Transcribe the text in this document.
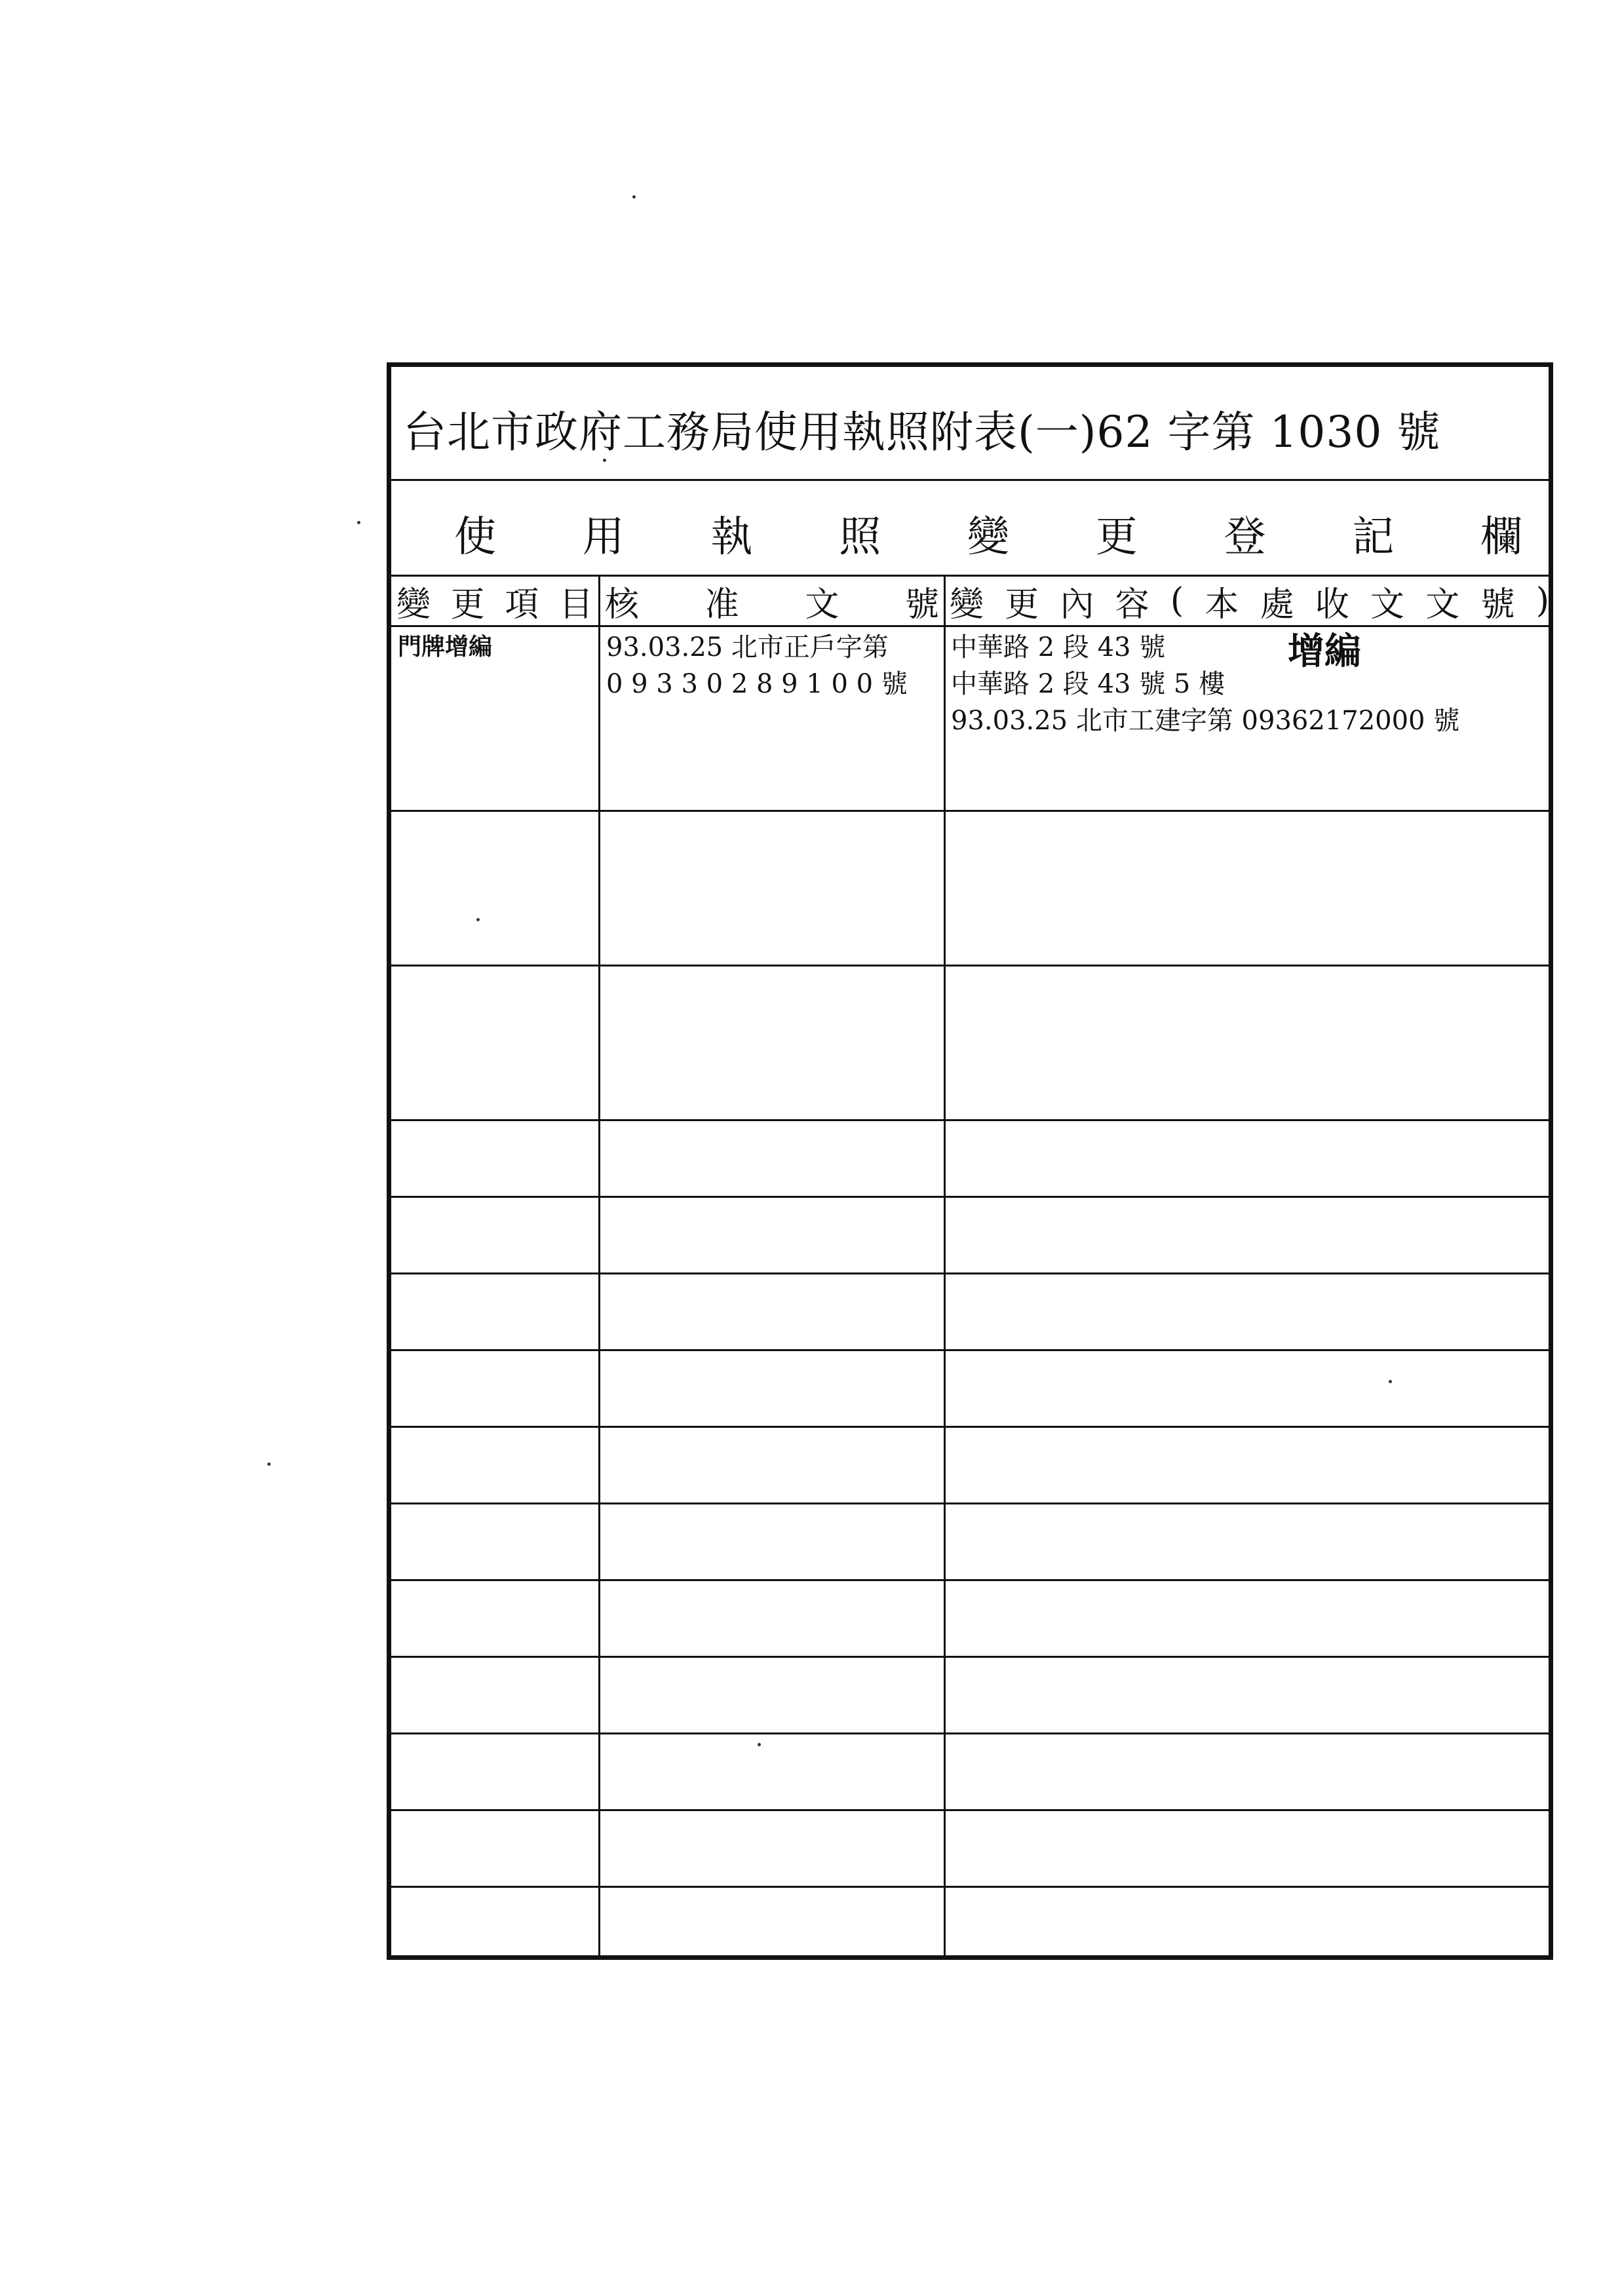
台北市政府工務局使用執照附表(一)62 字第 1030 號
使 用 執 照 變 更 登 記 欄
變 更 項 目 核 准 文 號 變 更 內 容 ( 本 處 收 文 文 號 )
門牌增編	93.03.25 北市正戶字第
0 9 3 3 0 2 8 9 1 0 0 號
中華路 2 段 43 號	增編
中華路 2 段 43 號 5 樓
93.03.25 北市工建字第 09362172000 號
